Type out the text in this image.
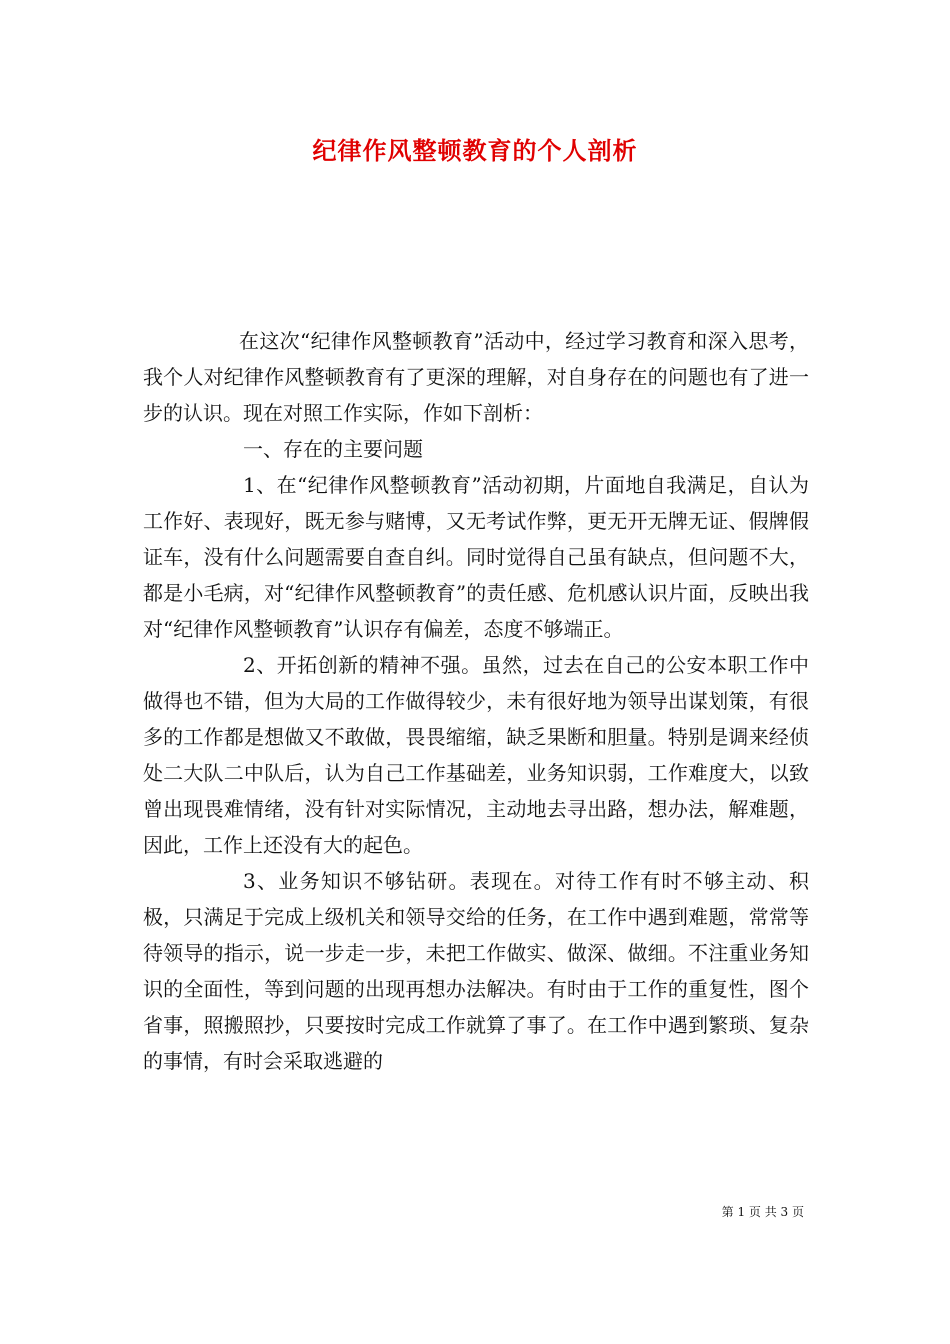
纪律作风整顿教育的个人剖析

在这次“纪律作风整顿教育”活动中，经过学习教育和深入思考，我个人对纪律作风整顿教育有了更深的理解，对自身存在的问题也有了进一步的认识。现在对照工作实际，作如下剖析：

一、存在的主要问题

1、在“纪律作风整顿教育”活动初期，片面地自我满足，自认为工作好、表现好，既无参与赌博，又无考试作弊，更无开无牌无证、假牌假证车，没有什么问题需要自查自纠。同时觉得自己虽有缺点，但问题不大，都是小毛病，对“纪律作风整顿教育”的责任感、危机感认识片面，反映出我对“纪律作风整顿教育”认识存有偏差，态度不够端正。

2、开拓创新的精神不强。虽然，过去在自己的公安本职工作中做得也不错，但为大局的工作做得较少，未有很好地为领导出谋划策，有很多的工作都是想做又不敢做，畏畏缩缩，缺乏果断和胆量。特别是调来经侦处二大队二中队后，认为自己工作基础差，业务知识弱，工作难度大，以致曾出现畏难情绪，没有针对实际情况，主动地去寻出路，想办法，解难题，因此，工作上还没有大的起色。

3、业务知识不够钻研。表现在。对待工作有时不够主动、积极，只满足于完成上级机关和领导交给的任务，在工作中遇到难题，常常等待领导的指示，说一步走一步，未把工作做实、做深、做细。不注重业务知识的全面性，等到问题的出现再想办法解决。有时由于工作的重复性，图个省事，照搬照抄，只要按时完成工作就算了事了。在工作中遇到繁琐、复杂的事情，有时会采取逃避的

第 1 页 共 3 页
